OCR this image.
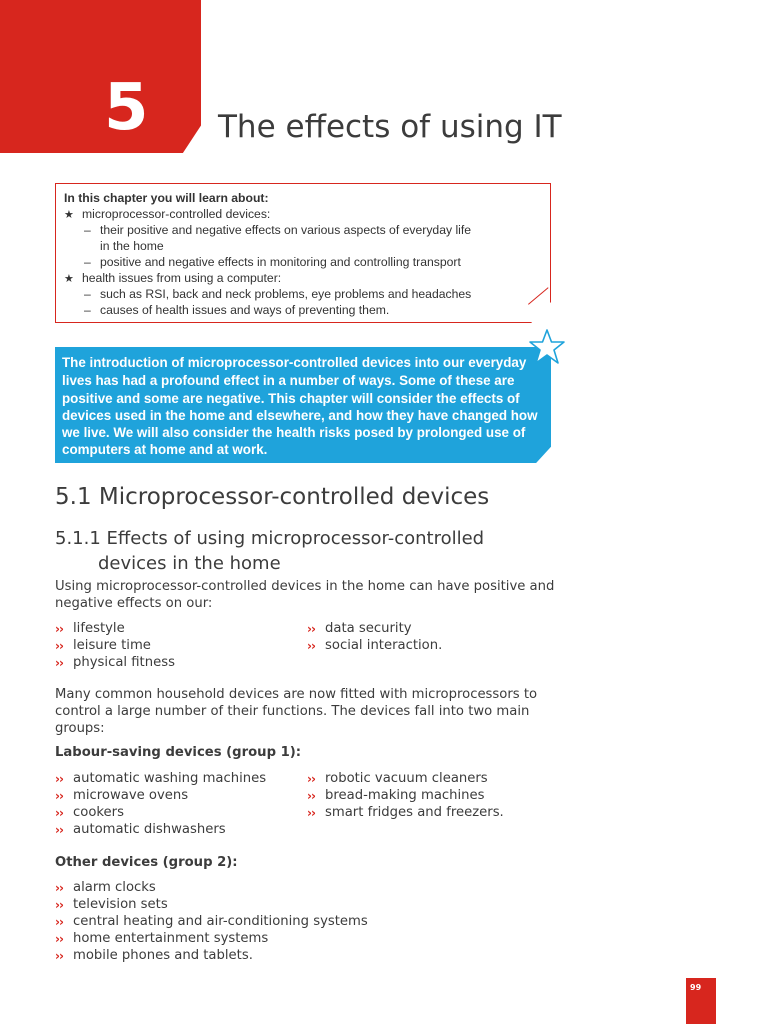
5 The effects of using IT
In this chapter you will learn about:
★ microprocessor-controlled devices:
– their positive and negative effects on various aspects of everyday life
in the home
– positive and negative effects in monitoring and controlling transport
★ health issues from using a computer:
– such as RSI, back and neck problems, eye problems and headaches
– causes of health issues and ways of preventing them.
The introduction of microprocessor-controlled devices into our everyday
lives has had a profound effect in a number of ways. Some of these are
positive and some are negative. This chapter will consider the effects of
devices used in the home and elsewhere, and how they have changed how
we live. We will also consider the health risks posed by prolonged use of
computers at home and at work.
5.1 Microprocessor-controlled devices
5.1.1 Effects of using microprocessor-controlled
devices in the home
Using microprocessor-controlled devices in the home can have positive and
negative effects on our:
›› lifestyle
›› leisure time
›› physical fitness
›› data security
›› social interaction.
Many common household devices are now fitted with microprocessors to
control a large number of their functions. The devices fall into two main
groups:
Labour-saving devices (group 1):
›› automatic washing machines
›› microwave ovens
›› cookers
›› automatic dishwashers
›› robotic vacuum cleaners
›› bread-making machines
›› smart fridges and freezers.
Other devices (group 2):
›› alarm clocks
›› television sets
›› central heating and air-conditioning systems
›› home entertainment systems
›› mobile phones and tablets.
99
